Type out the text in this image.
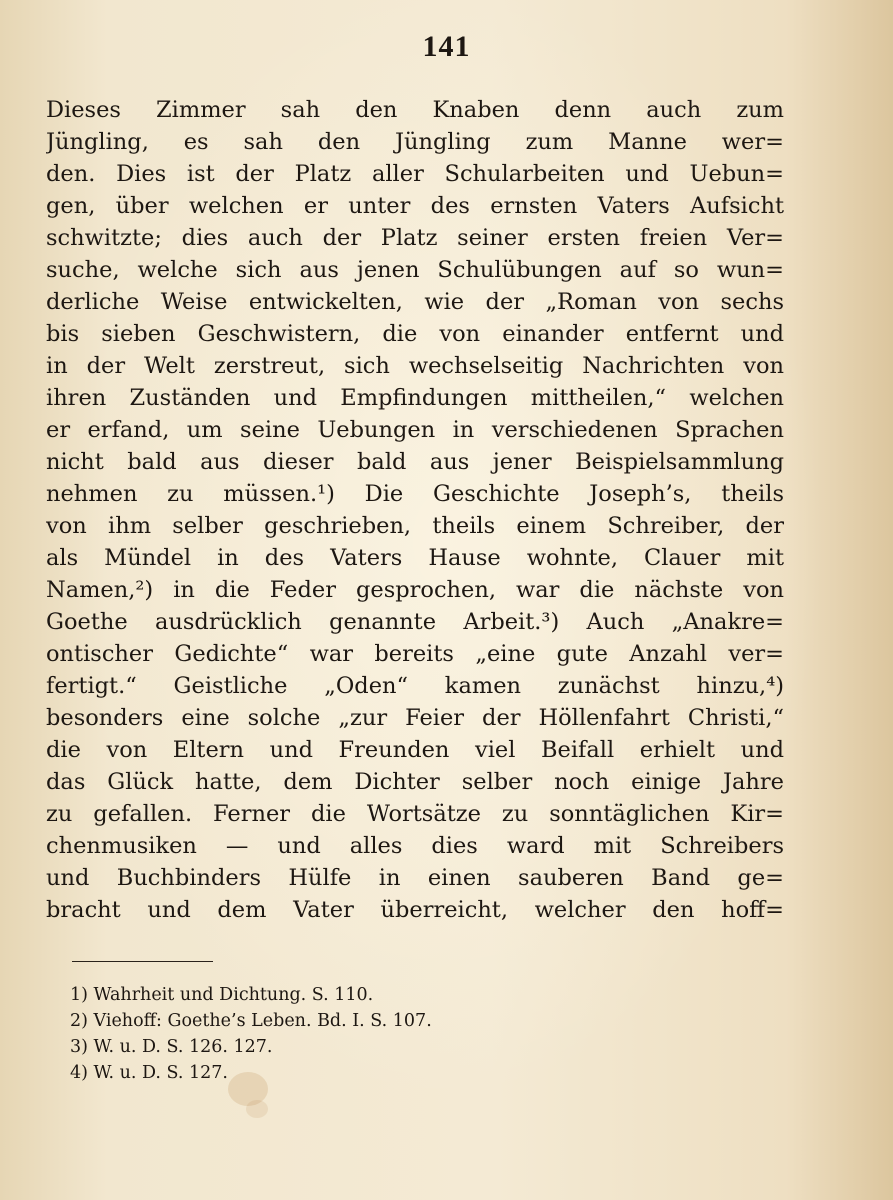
141
Dieses Zimmer sah den Knaben denn auch zum
Jüngling, es sah den Jüngling zum Manne wer=
den. Dies ist der Platz aller Schularbeiten und Uebun=
gen, über welchen er unter des ernsten Vaters Aufsicht
schwitzte; dies auch der Platz seiner ersten freien Ver=
suche, welche sich aus jenen Schulübungen auf so wun=
derliche Weise entwickelten, wie der „Roman von sechs
bis sieben Geschwistern, die von einander entfernt und
in der Welt zerstreut, sich wechselseitig Nachrichten von
ihren Zuständen und Empfindungen mittheilen,“ welchen
er erfand, um seine Uebungen in verschiedenen Sprachen
nicht bald aus dieser bald aus jener Beispielsammlung
nehmen zu müssen.¹) Die Geschichte Joseph’s, theils
von ihm selber geschrieben, theils einem Schreiber, der
als Mündel in des Vaters Hause wohnte, Clauer mit
Namen,²) in die Feder gesprochen, war die nächste von
Goethe ausdrücklich genannte Arbeit.³) Auch „Anakre=
ontischer Gedichte“ war bereits „eine gute Anzahl ver=
fertigt.“ Geistliche „Oden“ kamen zunächst hinzu,⁴)
besonders eine solche „zur Feier der Höllenfahrt Christi,“
die von Eltern und Freunden viel Beifall erhielt und
das Glück hatte, dem Dichter selber noch einige Jahre
zu gefallen. Ferner die Wortsätze zu sonntäglichen Kir=
chenmusiken — und alles dies ward mit Schreibers
und Buchbinders Hülfe in einen sauberen Band ge=
bracht und dem Vater überreicht, welcher den hoff=
1) Wahrheit und Dichtung. S. 110.
2) Viehoff: Goethe’s Leben. Bd. I. S. 107.
3) W. u. D. S. 126. 127.
4) W. u. D. S. 127.
